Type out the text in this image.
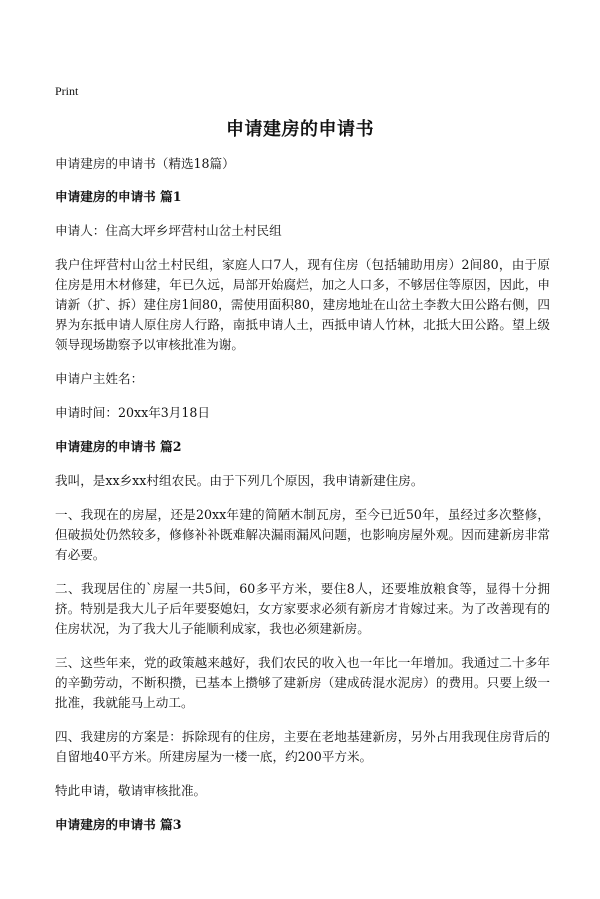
Print
申请建房的申请书

申请建房的申请书（精选18篇）

申请建房的申请书 篇1

申请人：住高大坪乡坪营村山岔土村民组

我户住坪营村山岔土村民组，家庭人口7人，现有住房（包括辅助用房）2间80，由于原住房是用木材修建，年已久远，局部开始腐烂，加之人口多，不够居住等原因，因此，申请新（扩、拆）建住房1间80，需使用面积80，建房地址在山岔土李教大田公路右侧，四界为东抵申请人原住房人行路，南抵申请人土，西抵申请人竹林，北抵大田公路。望上级领导现场勘察予以审核批准为谢。

申请户主姓名：

申请时间：20xx年3月18日

申请建房的申请书 篇2

我叫，是xx乡xx村组农民。由于下列几个原因，我申请新建住房。

一、我现在的房屋，还是20xx年建的简陋木制瓦房，至今已近50年，虽经过多次整修，但破损处仍然较多，修修补补既难解决漏雨漏风问题，也影响房屋外观。因而建新房非常有必要。

二、我现居住的`房屋一共5间，60多平方米，要住8人，还要堆放粮食等，显得十分拥挤。特别是我大儿子后年要娶媳妇，女方家要求必须有新房才肯嫁过来。为了改善现有的住房状况，为了我大儿子能顺利成家，我也必须建新房。

三、这些年来，党的政策越来越好，我们农民的收入也一年比一年增加。我通过二十多年的辛勤劳动，不断积攒，已基本上攒够了建新房（建成砖混水泥房）的费用。只要上级一批准，我就能马上动工。

四、我建房的方案是：拆除现有的住房，主要在老地基建新房，另外占用我现住房背后的自留地40平方米。所建房屋为一楼一底，约200平方米。

特此申请，敬请审核批准。

申请建房的申请书 篇3
